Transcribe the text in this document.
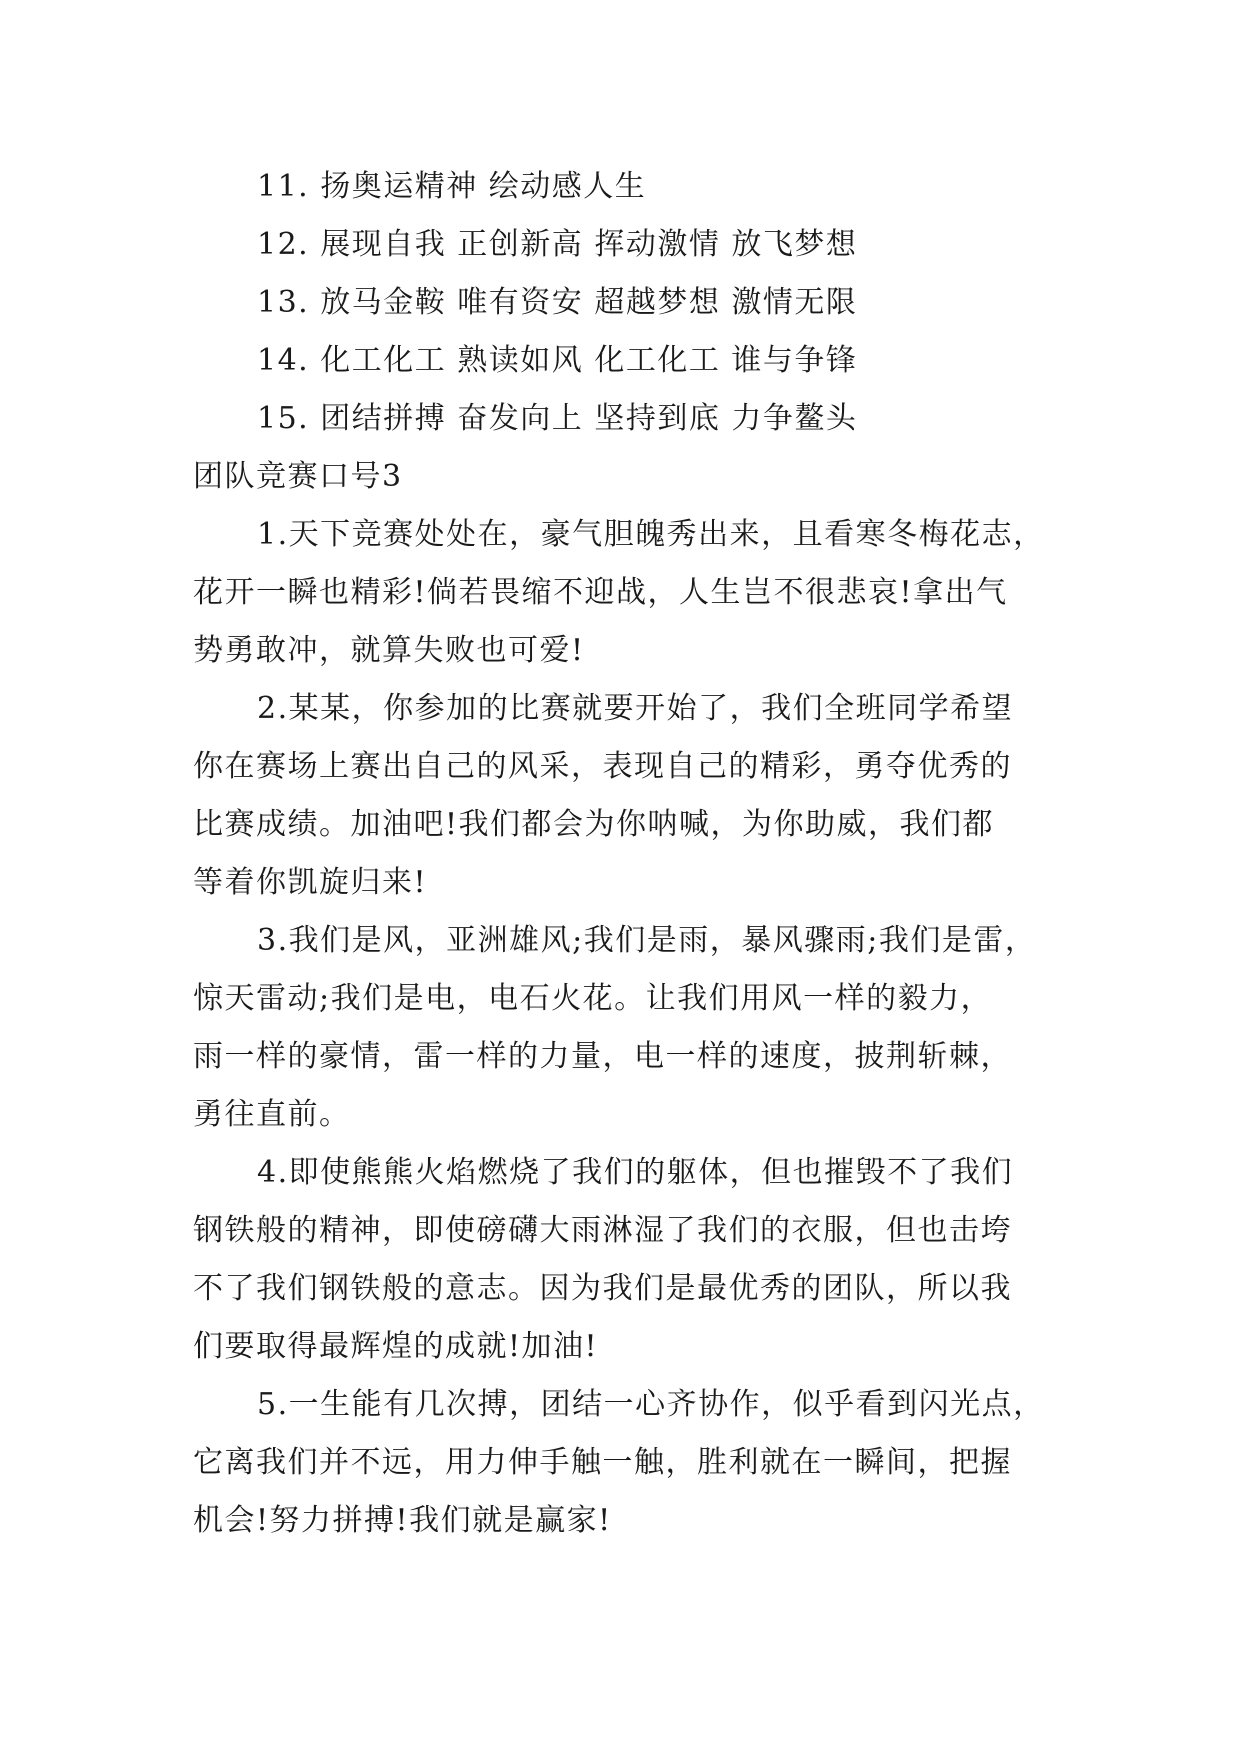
11. 扬奥运精神 绘动感人生
12. 展现自我 正创新高 挥动激情 放飞梦想
13. 放马金鞍 唯有资安 超越梦想 激情无限
14. 化工化工 熟读如风 化工化工 谁与争锋
15. 团结拼搏 奋发向上 坚持到底 力争鳌头
团队竞赛口号3
1.天下竞赛处处在，豪气胆魄秀出来，且看寒冬梅花志，
花开一瞬也精彩!倘若畏缩不迎战，人生岂不很悲哀!拿出气
势勇敢冲，就算失败也可爱!
2.某某，你参加的比赛就要开始了，我们全班同学希望
你在赛场上赛出自己的风采，表现自己的精彩，勇夺优秀的
比赛成绩。加油吧!我们都会为你呐喊，为你助威，我们都
等着你凯旋归来!
3.我们是风，亚洲雄风;我们是雨，暴风骤雨;我们是雷，
惊天雷动;我们是电，电石火花。让我们用风一样的毅力，
雨一样的豪情，雷一样的力量，电一样的速度，披荆斩棘，
勇往直前。
4.即使熊熊火焰燃烧了我们的躯体，但也摧毁不了我们
钢铁般的精神，即使磅礴大雨淋湿了我们的衣服，但也击垮
不了我们钢铁般的意志。因为我们是最优秀的团队，所以我
们要取得最辉煌的成就!加油!
5.一生能有几次搏，团结一心齐协作，似乎看到闪光点，
它离我们并不远，用力伸手触一触，胜利就在一瞬间，把握
机会!努力拼搏!我们就是赢家!
